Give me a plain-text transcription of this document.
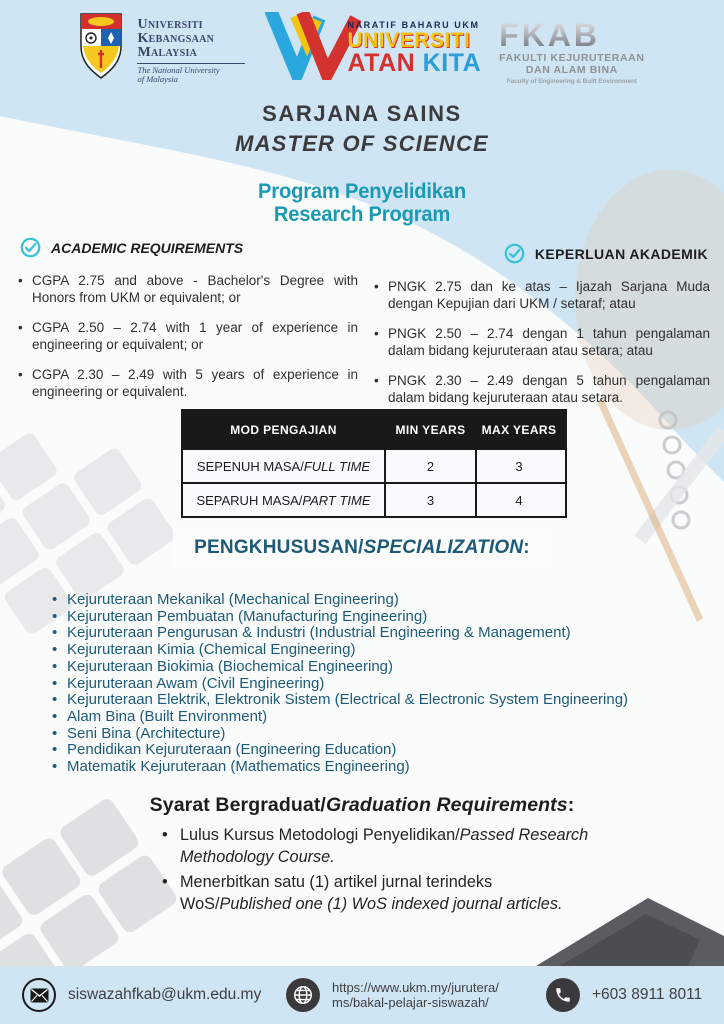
Universiti
Kebangsaan
Malaysia
The National University
of Malaysia
NARATIF BAHARU UKM
UNIVERSITI
ATAN KITA
FKAB
FAKULTI KEJURUTERAAN
DAN ALAM BINA
Faculty of Engineering & Built Environment
SARJANA SAINS
MASTER OF SCIENCE
Program Penyelidikan
Research Program
ACADEMIC REQUIREMENTS
• CGPA 2.75 and above - Bachelor's Degree with Honors from UKM or equivalent; or
• CGPA 2.50 – 2.74 with 1 year of experience in engineering or equivalent; or
• CGPA 2.30 – 2.49 with 5 years of experience in engineering or equivalent.
KEPERLUAN AKADEMIK
• PNGK 2.75 dan ke atas – Ijazah Sarjana Muda dengan Kepujian dari UKM / setaraf; atau
• PNGK 2.50 – 2.74 dengan 1 tahun pengalaman dalam bidang kejuruteraan atau setara; atau
• PNGK 2.30 – 2.49 dengan 5 tahun pengalaman dalam bidang kejuruteraan atau setara.
MOD PENGAJIAN	MIN YEARS	MAX YEARS
SEPENUH MASA/ FULL TIME	2	3
SEPARUH MASA/ PART TIME	3	4
PENGKHUSUSAN/SPECIALIZATION:
• Kejuruteraan Mekanikal (Mechanical Engineering)
• Kejuruteraan Pembuatan (Manufacturing Engineering)
• Kejuruteraan Pengurusan & Industri (Industrial Engineering & Management)
• Kejuruteraan Kimia (Chemical Engineering)
• Kejuruteraan Biokimia (Biochemical Engineering)
• Kejuruteraan Awam (Civil Engineering)
• Kejuruteraan Elektrik, Elektronik Sistem (Electrical & Electronic System Engineering)
• Alam Bina (Built Environment)
• Seni Bina (Architecture)
• Pendidikan Kejuruteraan (Engineering Education)
• Matematik Kejuruteraan (Mathematics Engineering)
Syarat Bergraduat/Graduation Requirements:
• Lulus Kursus Metodologi Penyelidikan/Passed Research Methodology Course.
• Menerbitkan satu (1) artikel jurnal terindeks WoS/Published one (1) WoS indexed journal articles.
siswazahfkab@ukm.edu.my	https://www.ukm.my/jurutera/
ms/bakal-pelajar-siswazah/	+603 8911 8011
